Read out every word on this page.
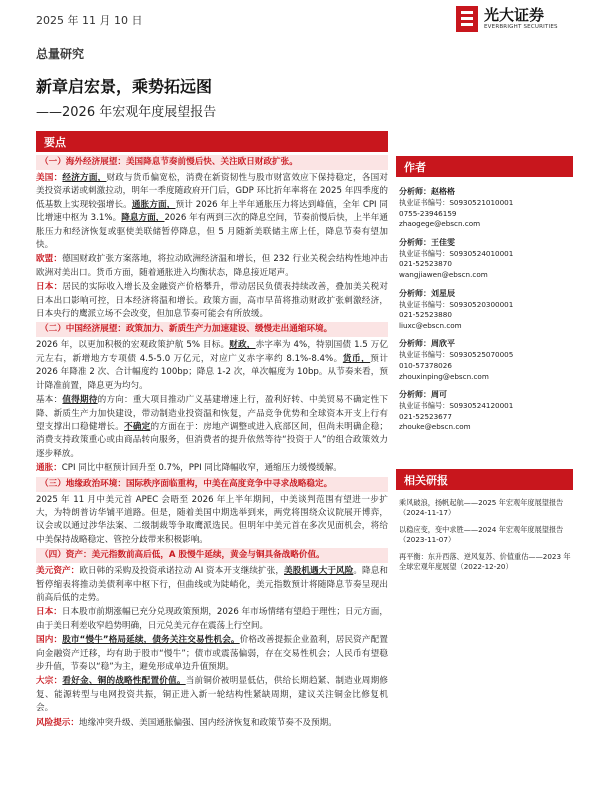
2025 年 11 月 10 日	光大证券
EVERBRIGHT SECURITIES
总量研究
新章启宏景，乘势拓远图
——2026 年宏观年度展望报告
要点
作者
相关研报
（一）海外经济展望：美国降息节奏前慢后快、关注欧日财政扩张。

美国：经济方面，财政与货币偏宽松，消费在新资韧性与股市财富效应下保持稳定，各国对美投资承诺或刺激拉动，明年一季度随政府开门后，GDP 环比折年率将在 2025 年四季度的低基数上实现较强增长。通胀方面，预计 2026 年上半年通胀压力将达到峰值，全年 CPI 同比增速中枢为 3.1%。降息方面，2026 年有两到三次的降息空间，节奏前慢后快，上半年通胀压力和经济恢复或驱使美联储暂停降息，但 5 月随新美联储主席上任，降息节奏有望加快。

欧盟：德国财政扩张方案落地，将拉动欧洲经济温和增长，但 232 行业关税会结构性地冲击欧洲对美出口。货币方面，随着通胀进入均衡状态，降息接近尾声。

日本：居民的实际收入增长及金融资产价格攀升，带动居民负债表持续改善，叠加美关税对日本出口影响可控，日本经济将温和增长。政策方面，高市早苗将推动财政扩张刺激经济，日本央行的鹰派立场不会改变，但加息节奏可能会有所放缓。

（二）中国经济展望：政策加力、新质生产力加速建设、缓慢走出通缩环境。

2026 年，以更加积极的宏观政策护航 5% 目标。财政，赤字率为 4%，特别国债 1.5 万亿元左右，新增地方专项债 4.5-5.0 万亿元，对应广义赤字率约 8.1%-8.4%。货币，预计 2026 年降准 2 次、合计幅度约 100bp；降息 1-2 次，单次幅度为 10bp。从节奏来看，预计降准前置，降息更为均匀。

基本：值得期待的方向：重大项目推动广义基建增速上行，盈利好转、中美贸易不确定性下降、新质生产力加快建设，带动制造业投资温和恢复，产品竞争优势和全球资本开支上行有望支撑出口稳健增长。不确定的方面在于：房地产调整或进入底部区间，但尚未明确企稳；消费支持政策重心或由商品转向服务，但消费者的提升依然等待“投资于人”的组合政策效力逐步释放。

通胀：CPI 同比中枢预计回升至 0.7%，PPI 同比降幅收窄，通缩压力缓慢缓解。

（三）地缘政治环境：国际秩序面临重构，中美在高度竞争中寻求战略稳定。

2025 年 11 月中美元首 APEC 会晤至 2026 年上半年期间，中美谈判范围有望进一步扩大，为特朗普访华铺平道路。但是，随着美国中期选举到来，两党将围绕众议院展开博弈，议会或以通过涉华法案、二级制裁等争取鹰派选民。但明年中美元首在多次见面机会，将给中美保持战略稳定、管控分歧带来积极影响。

（四）资产：美元指数前高后低，A 股慢牛延续，黄金与铜具备战略价值。

美元资产：欧日韩的采购及投资承诺拉动 AI 资本开支继续扩张，美股机遇大于风险。降息和暂停缩表将推动美债利率中枢下行，但曲线或为陡峭化，美元指数预计将随降息节奏呈现出前高后低的走势。

日本：日本股市前期涨幅已充分兑现政策预期，2026 年市场情绪有望趋于理性；日元方面，由于美日利差收窄趋势明确，日元兑美元存在震荡上行空间。

国内：股市“慢牛”格局延续，债务关注交易性机会。价格改善提振企业盈利，居民资产配置向金融资产迁移，均有助于股市“慢牛”；债市或震荡偏弱，存在交易性机会；人民币有望稳步升值，节奏以“稳”为主，避免形成单边升值预期。

大宗：看好金、铜的战略性配置价值。当前铜价被明显低估，供给长期趋紧、制造业周期修复、能源转型与电网投资共振，铜正进入新一轮结构性紧缺周期，建议关注铜金比修复机会。

风险提示：地缘冲突升级、美国通胀偏强、国内经济恢复和政策节奏不及预期。

分析师：赵格格
执业证书编号：S0930521010001
0755-23946159
zhaogege@ebscn.com
分析师：王佳雯
执业证书编号：S0930524010001
021-52523870
wangjiawen@ebscn.com
分析师：刘星辰
执业证书编号：S0930520300001
021-52523880
liuxc@ebscn.com
分析师：周欣平
执业证书编号：S0930525070005
010-57378026
zhouxinping@ebscn.com
分析师：周可
执业证书编号：S0930524120001
021-52523677
zhouke@ebscn.com
乘风破浪，扬帆起航——2025 年宏观年度展望报告（2024-11-17）
以稳应变，变中求胜——2024 年宏观年度展望报告（2023-11-07）
再平衡：东升西落、逆风复苏、价值重估——2023 年全球宏观年度展望（2022-12-20）
